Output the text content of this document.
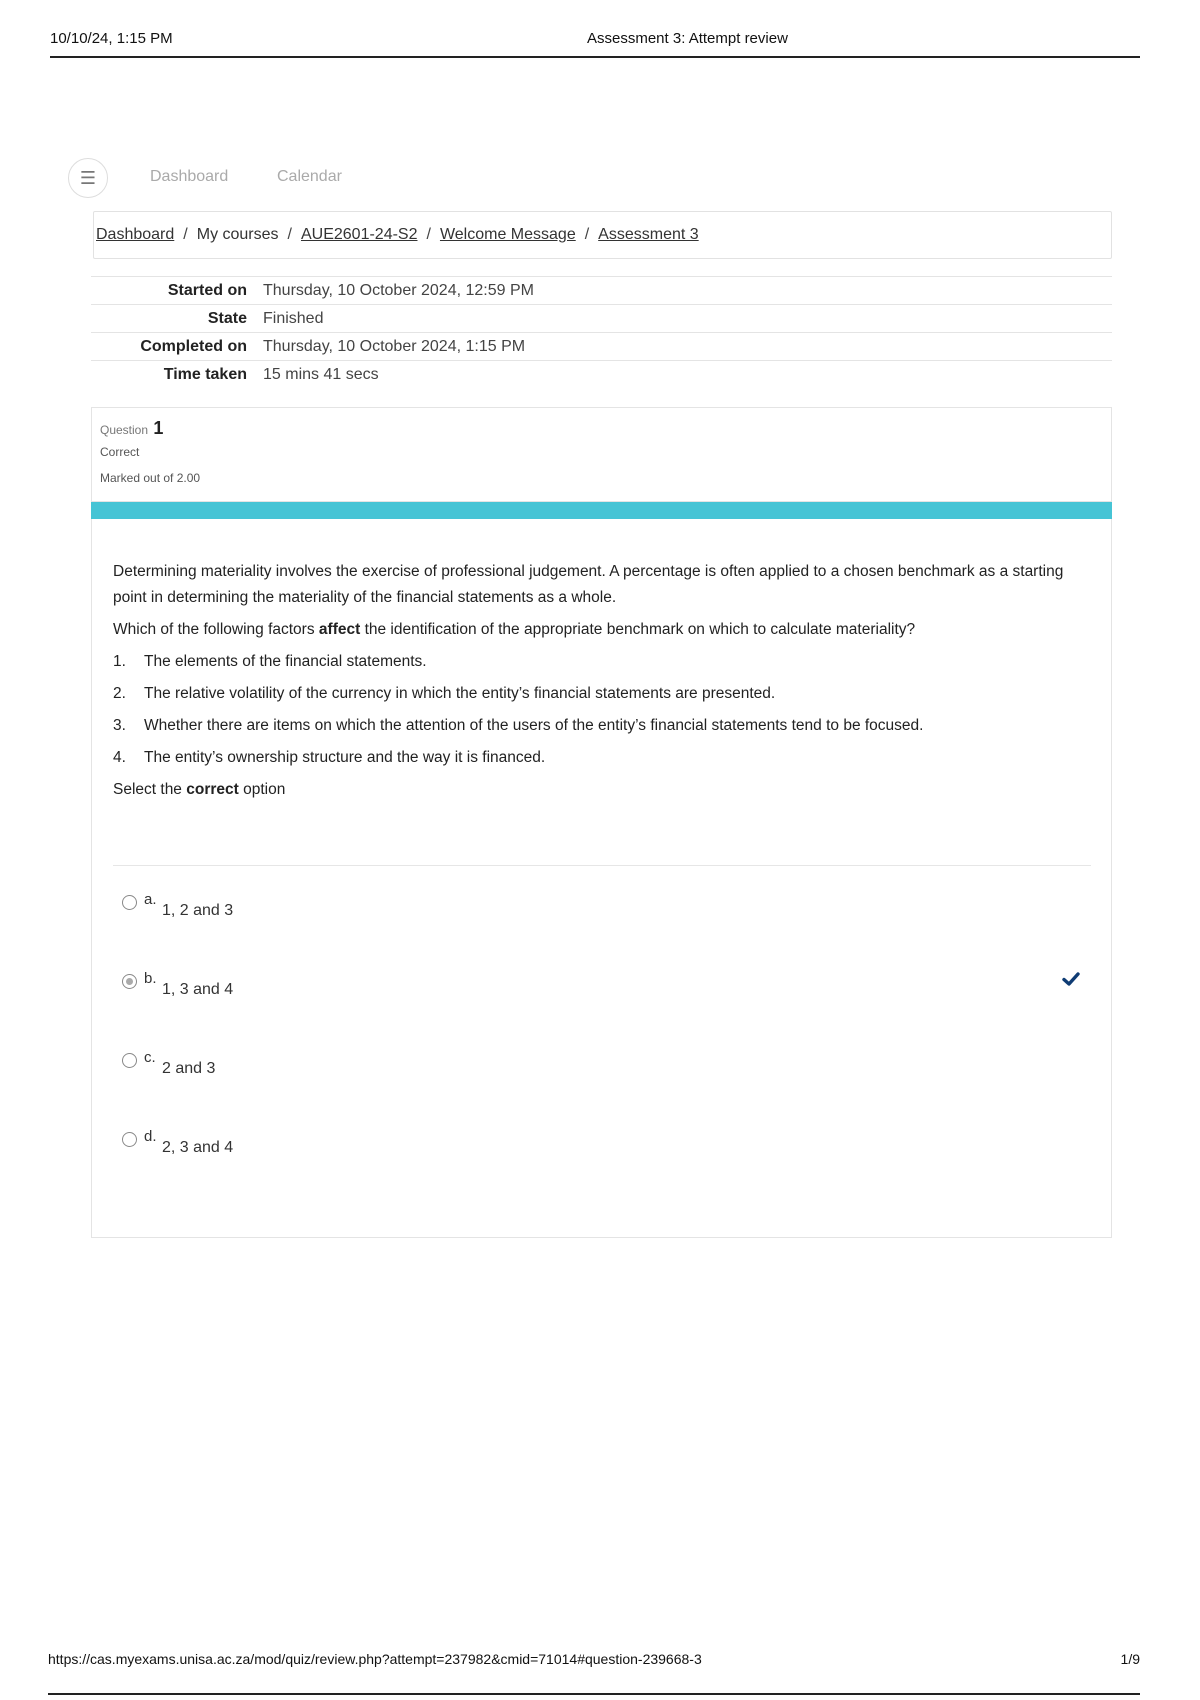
10/10/24, 1:15 PM	Assessment 3: Attempt review
☰	Dashboard	Calendar
Dashboard / My courses / AUE2601-24-S2 / Welcome Message / Assessment 3
Started on Thursday, 10 October 2024, 12:59 PM
State Finished
Completed on Thursday, 10 October 2024, 1:15 PM
Time taken 15 mins 41 secs
Question 1
Correct
Marked out of 2.00

Determining materiality involves the exercise of professional judgement. A percentage is often applied to a chosen benchmark as a starting point in determining the materiality of the financial statements as a whole.

Which of the following factors affect the identification of the appropriate benchmark on which to calculate materiality?

1.	The elements of the financial statements.
2.	The relative volatility of the currency in which the entity’s financial statements are presented.
3.	Whether there are items on which the attention of the users of the entity’s financial statements tend to be focused.
4.	The entity’s ownership structure and the way it is financed.

Select the correct option

a.
1, 2 and 3
b.
1, 3 and 4
c.
2 and 3
d.
2, 3 and 4
https://cas.myexams.unisa.ac.za/mod/quiz/review.php?attempt=237982&cmid=71014#question-239668-3	1/9
